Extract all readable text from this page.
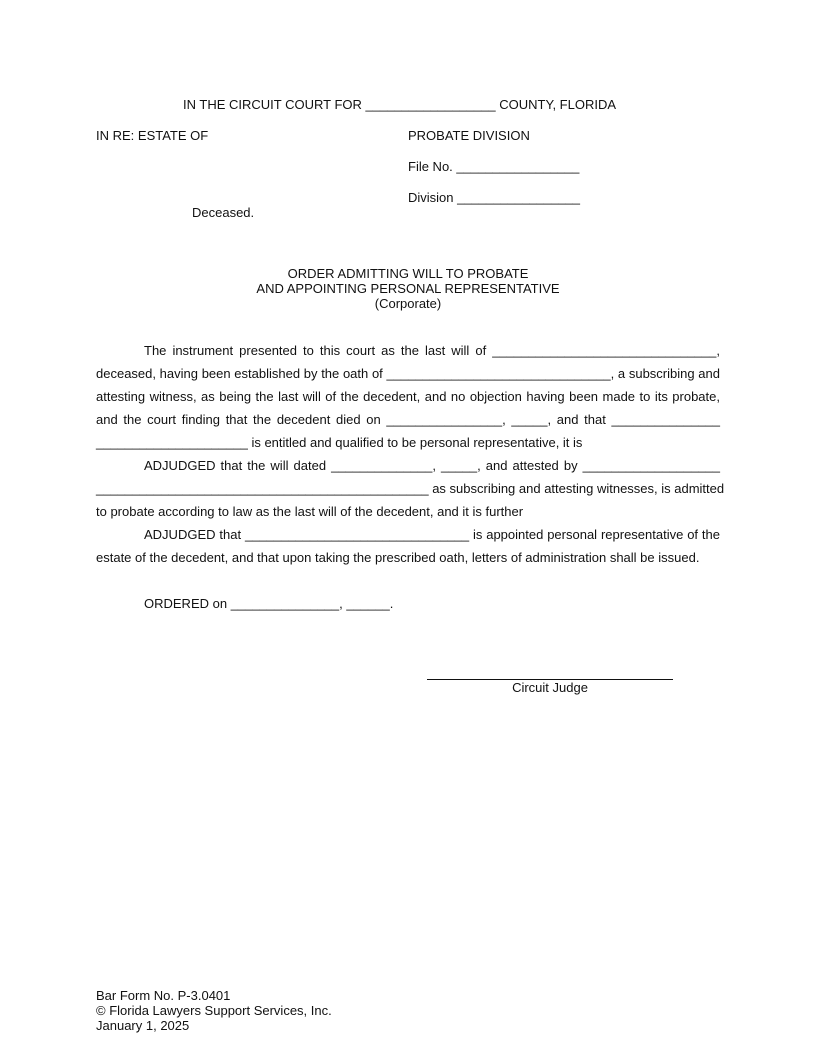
IN THE CIRCUIT COURT FOR __________________ COUNTY, FLORIDA
IN RE: ESTATE OF	PROBATE DIVISION
File No. _________________
Division _________________
Deceased.
ORDER ADMITTING WILL TO PROBATE
AND APPOINTING PERSONAL REPRESENTATIVE
(Corporate)
The instrument presented to this court as the last will of _______________________________,
deceased, having been established by the oath of _______________________________, a subscribing and
attesting witness, as being the last will of the decedent, and no objection having been made to its probate,
and the court finding that the decedent died on ________________, _____, and that _______________
_____________________ is entitled and qualified to be personal representative, it is
ADJUDGED that the will dated ______________, _____, and attested by ___________________
______________________________________________ as subscribing and attesting witnesses, is admitted
to probate according to law as the last will of the decedent, and it is further
ADJUDGED that _______________________________ is appointed personal representative of the
estate of the decedent, and that upon taking the prescribed oath, letters of administration shall be issued.
ORDERED on _______________, ______.
Circuit Judge
Bar Form No. P-3.0401
© Florida Lawyers Support Services, Inc.
January 1, 2025
